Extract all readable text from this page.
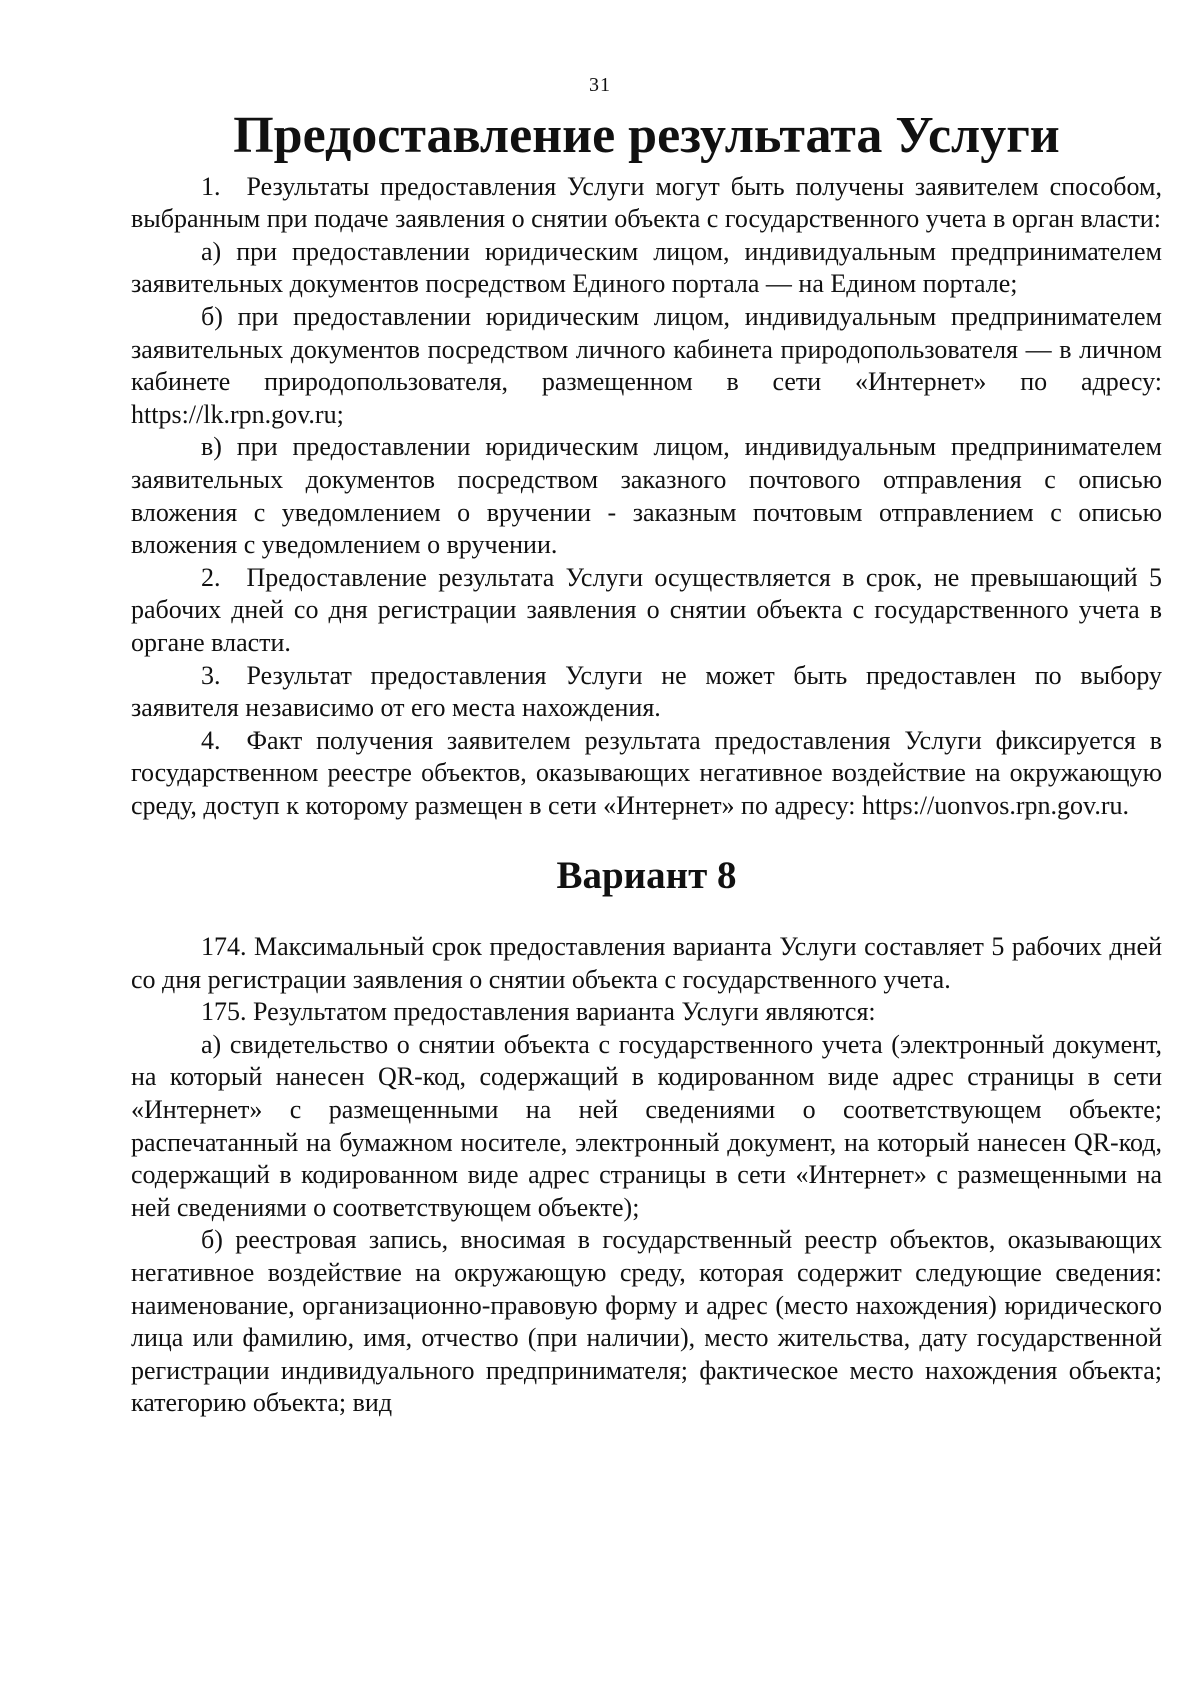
31
Предоставление результата Услуги

1. Результаты предоставления Услуги могут быть получены заявителем способом, выбранным при подаче заявления о снятии объекта с государственного учета в орган власти:

а) при предоставлении юридическим лицом, индивидуальным предпринимателем заявительных документов посредством Единого портала — на Едином портале;

б) при предоставлении юридическим лицом, индивидуальным предпринимателем заявительных документов посредством личного кабинета природопользователя — в личном кабинете природопользователя, размещенном в сети «Интернет» по адресу: https://lk.rpn.gov.ru;

в) при предоставлении юридическим лицом, индивидуальным предпринимателем заявительных документов посредством заказного почтового отправления с описью вложения с уведомлением о вручении - заказным почтовым отправлением с описью вложения с уведомлением о вручении.

2. Предоставление результата Услуги осуществляется в срок, не превышающий 5 рабочих дней со дня регистрации заявления о снятии объекта с государственного учета в органе власти.

3. Результат предоставления Услуги не может быть предоставлен по выбору заявителя независимо от его места нахождения.

4. Факт получения заявителем результата предоставления Услуги фиксируется в государственном реестре объектов, оказывающих негативное воздействие на окружающую среду, доступ к которому размещен в сети «Интернет» по адресу: https://uonvos.rpn.gov.ru.

Вариант 8

174. Максимальный срок предоставления варианта Услуги составляет 5 рабочих дней со дня регистрации заявления о снятии объекта с государственного учета.

175. Результатом предоставления варианта Услуги являются:

а) свидетельство о снятии объекта с государственного учета (электронный документ, на который нанесен QR-код, содержащий в кодированном виде адрес страницы в сети «Интернет» с размещенными на ней сведениями о соответствующем объекте; распечатанный на бумажном носителе, электронный документ, на который нанесен QR-код, содержащий в кодированном виде адрес страницы в сети «Интернет» с размещенными на ней сведениями о соответствующем объекте);

б) реестровая запись, вносимая в государственный реестр объектов, оказывающих негативное воздействие на окружающую среду, которая содержит следующие сведения: наименование, организационно-правовую форму и адрес (место нахождения) юридического лица или фамилию, имя, отчество (при наличии), место жительства, дату государственной регистрации индивидуального предпринимателя; фактическое место нахождения объекта; категорию объекта; вид
